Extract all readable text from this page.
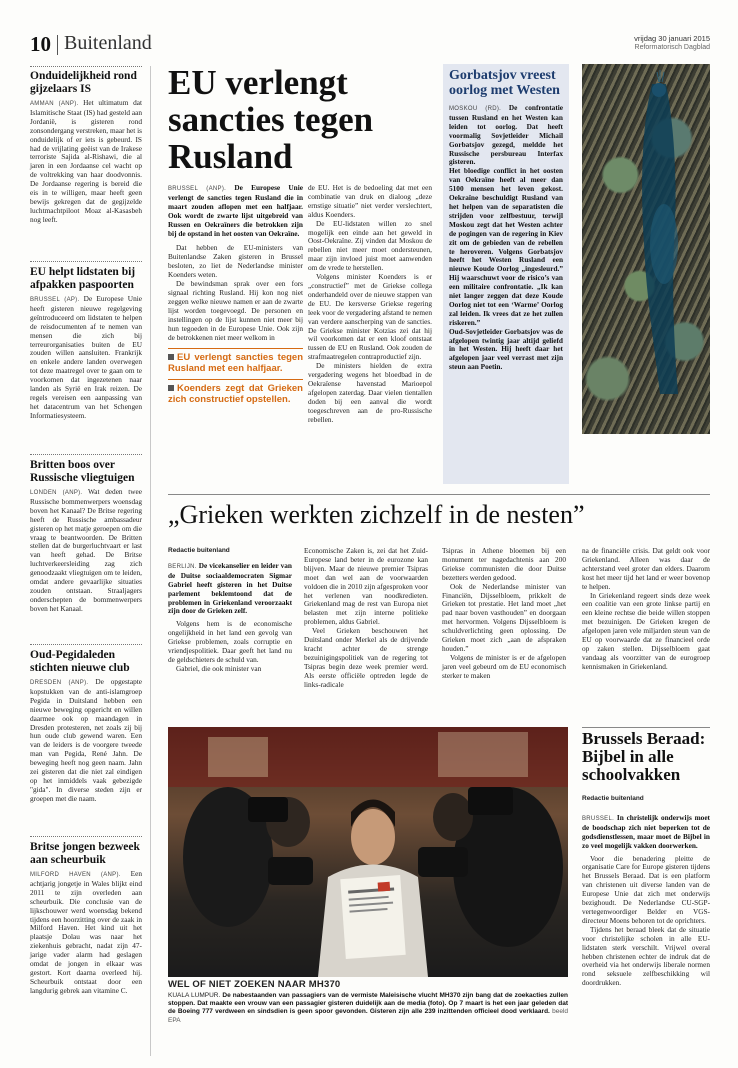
10 Buitenland	vrijdag 30 januari 2015
Reformatorisch Dagblad
Onduidelijkheid rond gijzelaars IS
AMMAN (ANP). Het ultimatum dat Islamitische Staat (IS) had gesteld aan Jordanië, is gisteren rond zonsondergang verstreken, maar het is onduidelijk of er iets is gebeurd. IS had de vrijlating geëist van de Irakese terroriste Sajida al-Rishawi, die al jaren in een Jordaanse cel wacht op de voltrekking van haar doodvonnis. De Jordaanse regering is bereid die eis in te willigen, maar heeft geen bewijs gekregen dat de gegijzelde luchtmachtpiloot Moaz al-Kasasbeh nog leeft.
EU helpt lidstaten bij afpakken paspoorten
BRUSSEL (AP). De Europese Unie heeft gisteren nieuwe regelgeving geïntroduceerd om lidstaten te helpen de reisdocumenten af te nemen van mensen die zich bij terreurorganisaties buiten de EU zouden willen aansluiten. Frankrijk en enkele andere landen overwegen tot deze maatregel over te gaan om te voorkomen dat ingezetenen naar landen als Syrië en Irak reizen. De regels vereisen een aanpassing van het datacentrum van het Schengen Informatiesysteem.
Britten boos over Russische vliegtuigen
LONDEN (ANP). Wat deden twee Russische bommenwerpers woensdag boven het Kanaal? De Britse regering heeft de Russische ambassadeur gisteren op het matje geroepen om die vraag te beantwoorden. De Britten stellen dat de burgerluchtvaart er last van heeft gehad. De Britse luchtverkeersleiding zag zich genoodzaakt vliegtuigen om te leiden, omdat andere gevaarlijke situaties zouden ontstaan. Straaljagers onderschepten de bommenwerpers boven het Kanaal.
Oud-Pegidaleden stichten nieuwe club
DRESDEN (ANP). De opgestapte kopstukken van de anti-islamgroep Pegida in Duitsland hebben een nieuwe beweging opgericht en willen daarmee ook op maandagen in Dresden protesteren, net zoals zij bij hun oude club gewend waren. Een van de leiders is de voorgere tweede man van Pegida, René Jahn. De beweging heeft nog geen naam. Jahn zei gisteren dat die niet zal eindigen op het inmiddels vaak gebezigde "gida". In diverse steden zijn er groepen met die naam.
Britse jongen bezweek aan scheurbuik
MILFORD HAVEN (ANP). Een achtjarig jongetje in Wales blijkt eind 2011 te zijn overleden aan scheurbuik. Die conclusie van de lijkschouwer werd woensdag bekend tijdens een hoorzitting over de zaak in Milford Haven. Het kind uit het plaatsje Dolau was naar het ziekenhuis gebracht, nadat zijn 47-jarige vader alarm had geslagen omdat de jongen in elkaar was gestort. Kort daarna overleed hij. Scheurbuik ontstaat door een langdurig gebrek aan vitamine C.
EU verlengt sancties tegen Rusland
BRUSSEL (ANP). De Europese Unie verlengt de sancties tegen Rusland die in maart zouden aflopen met een halfjaar. Ook wordt de zwarte lijst uitgebreid van Russen en Oekraïners die betrokken zijn bij de opstand in het oosten van Oekraïne.
Dat hebben de EU-ministers van Buitenlandse Zaken gisteren in Brussel besloten, zo liet de Nederlandse minister Koenders weten.
De bewindsman sprak over een fors signaal richting Rusland. Hij kon nog niet zeggen welke nieuwe namen er aan de zwarte lijst worden toegevoegd. De personen en instellingen op de lijst kunnen niet meer bij hun tegoeden in de Europese Unie. Ook zijn de betrokkenen niet meer welkom in
EU verlengt sancties tegen Rusland met een halfjaar.
Koenders zegt dat Grieken zich constructief opstellen.
de EU. Het is de bedoeling dat met een combinatie van druk en dialoog „deze ernstige situatie” niet verder verslechtert, aldus Koenders.
De EU-lidstaten willen zo snel mogelijk een einde aan het geweld in Oost-Oekraïne. Zij vinden dat Moskou de rebellen niet meer moet ondersteunen, maar zijn invloed juist moet aanwenden om de vrede te herstellen.
Volgens minister Koenders is er „constructief” met de Griekse collega onderhandeld over de nieuwe stappen van de EU. De kersverse Griekse regering leek voor de vergadering afstand te nemen van verdere aanscherping van de sancties. De Griekse minister Kotzias zei dat hij wil voorkomen dat er een kloof ontstaat tussen de EU en Rusland. Ook zouden de strafmaatregelen contraproductief zijn.
De ministers hielden de extra vergadering wegens het bloedbad in de Oekraïense havenstad Marioepol afgelopen zaterdag. Daar vielen tientallen doden bij een aanval die wordt toegeschreven aan de pro-Russische rebellen.
Gorbatsjov vreest oorlog met Westen
MOSKOU (RD). De confrontatie tussen Rusland en het Westen kan leiden tot oorlog. Dat heeft voormalig Sovjetleider Michail Gorbatsjov gezegd, meldde het Russische persbureau Interfax gisteren.
Het bloedige conflict in het oosten van Oekraïne heeft al meer dan 5100 mensen het leven gekost. Oekraïne beschuldigt Rusland van het helpen van de separatisten die strijden voor zelfbestuur, terwijl Moskou zegt dat het Westen achter de pogingen van de regering in Kiev zit om de gebieden van de rebellen te heroveren. Volgens Gorbatsjov heeft het Westen Rusland een nieuwe Koude Oorlog „ingesleurd.” Hij waarschuwt voor de risico’s van een militaire confrontatie. „Ik kan niet langer zeggen dat deze Koude Oorlog niet tot een ‘Warme’ Oorlog zal leiden. Ik vrees dat ze het zullen riskeren.”
Oud-Sovjetleider Gorbatsjov was de afgelopen twintig jaar altijd geliefd in het Westen. Hij heeft daar het afgelopen jaar veel verrast met zijn steun aan Poetin.
„Grieken werkten zichzelf in de nesten”
Redactie buitenland
BERLIJN. De vicekanselier en leider van de Duitse sociaaldemocraten Sigmar Gabriel heeft gisteren in het Duitse parlement beklemtoond dat de problemen in Griekenland veroorzaakt zijn door de Grieken zelf.
Volgens hem is de economische ongelijkheid in het land een gevolg van Griekse problemen, zoals corruptie en vriendjespolitiek. Daar geeft het land nu de geldschieters de schuld van.
Gabriel, die ook minister van
Economische Zaken is, zei dat het Zuid-Europese land beter in de eurozone kan blijven. Maar de nieuwe premier Tsipras moet dan wel aan de voorwaarden voldoen die in 2010 zijn afgesproken voor het verlenen van noodkredieten. Griekenland mag de rest van Europa niet belasten met zijn interne politieke problemen, aldus Gabriel.
Veel Grieken beschouwen het Duitsland onder Merkel als de drijvende kracht achter de strenge bezuinigingspolitiek van de regering tot Tsipras begin deze week premier werd. Als eerste officiële optreden legde de links-radicale
Tsipras in Athene bloemen bij een monument ter nagedachtenis aan 200 Griekse communisten die door Duitse bezetters werden gedood.
Ook de Nederlandse minister van Financiën, Dijsselbloem, prikkelt de Grieken tot prestatie. Het land moet „het pad naar boven vasthouden” en doorgaan met hervormen. Volgens Dijsselbloem is schuldverlichting geen oplossing. De Grieken moet zich „aan de afspraken houden.”
Volgens de minister is er de afgelopen jaren veel gebeurd om de EU economisch sterker te maken
na de financiële crisis. Dat geldt ook voor Griekenland. Alleen was daar de achterstand veel groter dan elders. Daarom kost het meer tijd het land er weer bovenop te helpen.
In Griekenland regeert sinds deze week een coalitie van een grote linkse partij en een kleine rechtse die beide willen stoppen met bezuinigen. De Grieken kregen de afgelopen jaren vele miljarden steun van de EU op voorwaarde dat ze financieel orde op zaken stellen. Dijsselbloem gaat vandaag als voorzitter van de eurogroep kennismaken in Griekenland.
WEL OF NIET ZOEKEN NAAR MH370
KUALA LUMPUR. De nabestaanden van passagiers van de vermiste Maleisische vlucht MH370 zijn bang dat de zoekacties zullen stoppen. Dat maakte een vrouw van een passagier gisteren duidelijk aan de media (foto). Op 7 maart is het een jaar geleden dat de Boeing 777 verdween en sindsdien is geen spoor gevonden. Gisteren zijn alle 239 inzittenden officieel dood verklaard. beeld EPA
Brussels Beraad: Bijbel in alle schoolvakken
Redactie buitenland
BRUSSEL. In christelijk onderwijs moet de boodschap zich niet beperken tot de godsdienstlessen, maar moet de Bijbel in zo veel mogelijk vakken doorwerken.
Voor die benadering pleitte de organisatie Care for Europe gisteren tijdens het Brussels Beraad. Dat is een platform van christenen uit diverse landen van de Europese Unie dat zich met onderwijs bezighoudt. De Nederlandse CU-SGP-vertegenwoordiger Belder en VGS-directeur Moens behoren tot de oprichters.
Tijdens het beraad bleek dat de situatie voor christelijke scholen in alle EU-lidstaten sterk verschilt. Vrijwel overal hebben christenen echter de indruk dat de overheid via het onderwijs liberale normen rond seksuele zelfbeschikking wil doordrukken.
